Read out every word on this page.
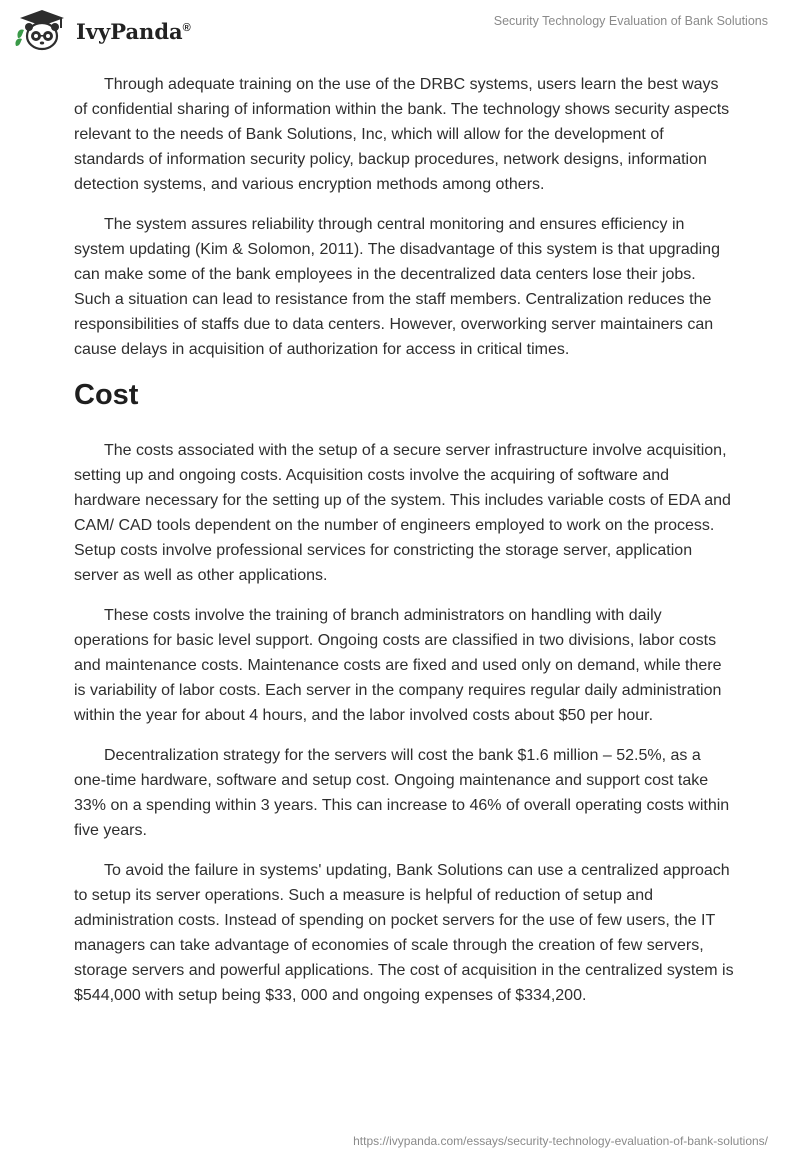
IvyPanda®	Security Technology Evaluation of Bank Solutions

Through adequate training on the use of the DRBC systems, users learn the best ways of confidential sharing of information within the bank. The technology shows security aspects relevant to the needs of Bank Solutions, Inc, which will allow for the development of standards of information security policy, backup procedures, network designs, information detection systems, and various encryption methods among others.

The system assures reliability through central monitoring and ensures efficiency in system updating (Kim & Solomon, 2011). The disadvantage of this system is that upgrading can make some of the bank employees in the decentralized data centers lose their jobs. Such a situation can lead to resistance from the staff members. Centralization reduces the responsibilities of staffs due to data centers. However, overworking server maintainers can cause delays in acquisition of authorization for access in critical times.

Cost

The costs associated with the setup of a secure server infrastructure involve acquisition, setting up and ongoing costs. Acquisition costs involve the acquiring of software and hardware necessary for the setting up of the system. This includes variable costs of EDA and CAM/ CAD tools dependent on the number of engineers employed to work on the process. Setup costs involve professional services for constricting the storage server, application server as well as other applications.

These costs involve the training of branch administrators on handling with daily operations for basic level support. Ongoing costs are classified in two divisions, labor costs and maintenance costs. Maintenance costs are fixed and used only on demand, while there is variability of labor costs. Each server in the company requires regular daily administration within the year for about 4 hours, and the labor involved costs about $50 per hour.

Decentralization strategy for the servers will cost the bank $1.6 million – 52.5%, as a one-time hardware, software and setup cost. Ongoing maintenance and support cost take 33% on a spending within 3 years. This can increase to 46% of overall operating costs within five years.

To avoid the failure in systems' updating, Bank Solutions can use a centralized approach to setup its server operations. Such a measure is helpful of reduction of setup and administration costs. Instead of spending on pocket servers for the use of few users, the IT managers can take advantage of economies of scale through the creation of few servers, storage servers and powerful applications. The cost of acquisition in the centralized system is $544,000 with setup being $33, 000 and ongoing expenses of $334,200.

https://ivypanda.com/essays/security-technology-evaluation-of-bank-solutions/
